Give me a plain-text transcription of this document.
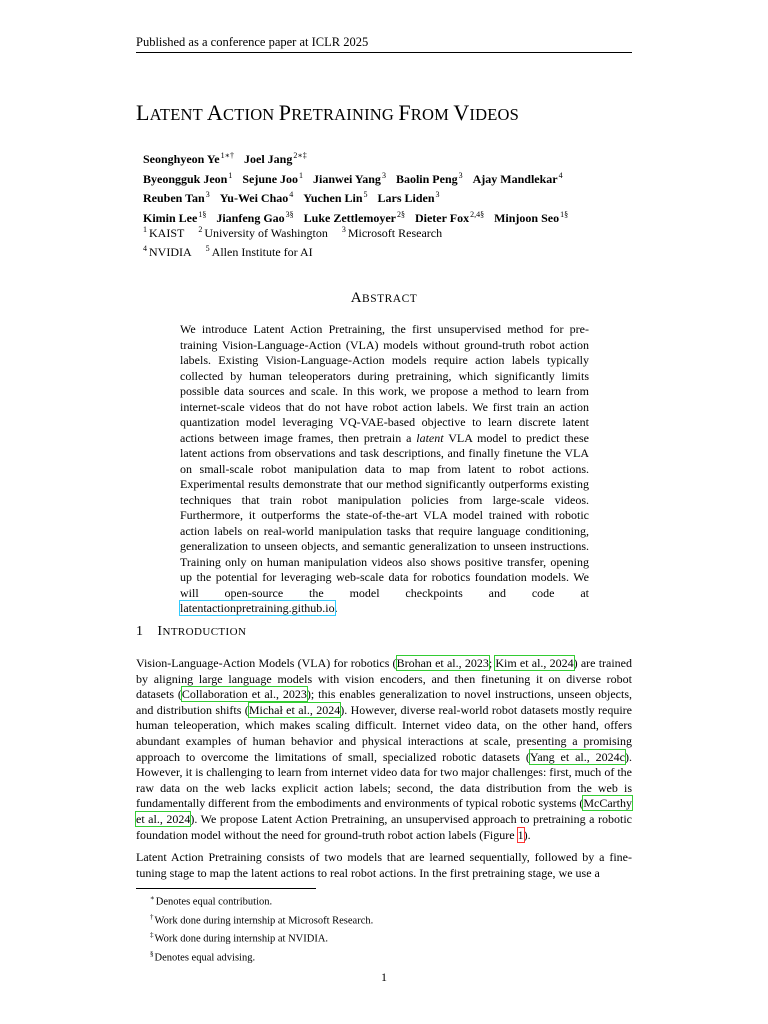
Published as a conference paper at ICLR 2025
LATENT ACTION PRETRAINING FROM VIDEOS
Seonghyeon $Ye^{1∗\dagger}$ Joel Jang$^{2∗\ddagger}$
Byeongguk Jeon$^1$ Sejune Joo$^1$ Jianwei Yang$^3$ Baolin Peng$^3$ Ajay Mandlekar$^4$
Reuben Tan$^3$ Yu-Wei Chao$^4$ Yuchen Lin$^5$ Lars Liden$^3$
Kimin Lee$^{1\S}$ Jianfeng Gao$^{3\S}$ Luke Zettlemoyer$^{2\S}$ Dieter Fox$^{2,4\S}$ Minjoon Seo$^{1\S}$
$^1$ KAIST $^2$ University of Washington $^3$ Microsoft Research
$^4$ NVIDIA $^5$ Allen Institute for AI
ABSTRACT
We introduce Latent Action Pretraining, the first unsupervised method for pre-training Vision-Language-Action (VLA) models without ground-truth robot action labels. Existing Vision-Language-Action models require action labels typically collected by human teleoperators during pretraining, which significantly limits possible data sources and scale. In this work, we propose a method to learn from internet-scale videos that do not have robot action labels. We first train an action quantization model leveraging VQ-VAE-based objective to learn discrete latent actions between image frames, then pretrain a latent VLA model to predict these latent actions from observations and task descriptions, and finally finetune the VLA on small-scale robot manipulation data to map from latent to robot actions. Experimental results demonstrate that our method significantly outperforms existing techniques that train robot manipulation policies from large-scale videos. Furthermore, it outperforms the state-of-the-art VLA model trained with robotic action labels on real-world manipulation tasks that require language conditioning, generalization to unseen objects, and semantic generalization to unseen instructions. Training only on human manipulation videos also shows positive transfer, opening up the potential for leveraging web-scale data for robotics foundation models. We will open-source the model checkpoints and code at latentactionpretraining.github.io.
1 INTRODUCTION
Vision-Language-Action Models (VLA) for robotics (Brohan et al., 2023; Kim et al., 2024) are trained by aligning large language models with vision encoders, and then finetuning it on diverse robot datasets (Collaboration et al., 2023); this enables generalization to novel instructions, unseen objects, and distribution shifts (Michał et al., 2024). However, diverse real-world robot datasets mostly require human teleoperation, which makes scaling difficult. Internet video data, on the other hand, offers abundant examples of human behavior and physical interactions at scale, presenting a promising approach to overcome the limitations of small, specialized robotic datasets (Yang et al., 2024c). However, it is challenging to learn from internet video data for two major challenges: first, much of the raw data on the web lacks explicit action labels; second, the data distribution from the web is fundamentally different from the embodiments and environments of typical robotic systems (McCarthy et al., 2024). We propose Latent Action Pretraining, an unsupervised approach to pretraining a robotic foundation model without the need for ground-truth robot action labels (Figure 1).
Latent Action Pretraining consists of two models that are learned sequentially, followed by a fine-tuning stage to map the latent actions to real robot actions. In the first pretraining stage, we use a
∗Denotes equal contribution.
†Work done during internship at Microsoft Research.
‡Work done during internship at NVIDIA.
§Denotes equal advising.
1
